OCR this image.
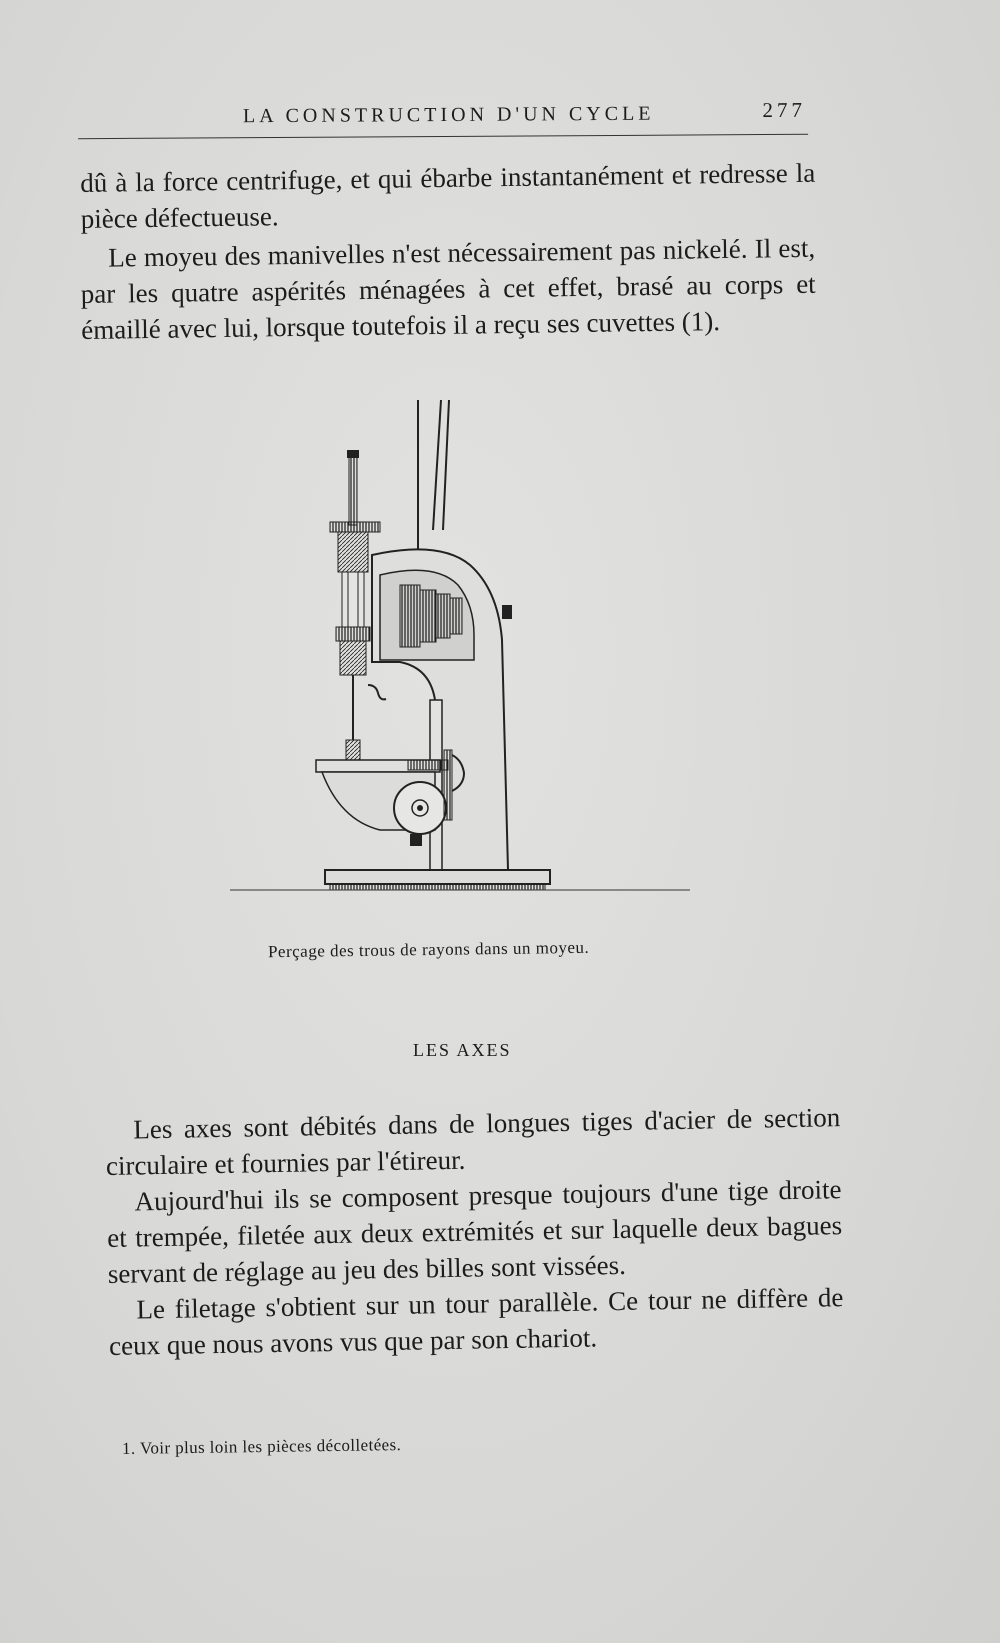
LA CONSTRUCTION D'UN CYCLE	277
dû à la force centrifuge, et qui ébarbe instantanément et redresse la pièce défectueuse.
Le moyeu des manivelles n'est nécessairement pas nickelé. Il est, par les quatre aspérités ménagées à cet effet, brasé au corps et émaillé avec lui, lorsque toutefois il a reçu ses cuvettes (1).
Perçage des trous de rayons dans un moyeu.
LES AXES
Les axes sont débités dans de longues tiges d'acier de section circulaire et fournies par l'étireur.
Aujourd'hui ils se composent presque toujours d'une tige droite et trempée, filetée aux deux extrémités et sur laquelle deux bagues servant de réglage au jeu des billes sont vissées.
Le filetage s'obtient sur un tour parallèle. Ce tour ne diffère de ceux que nous avons vus que par son chariot.
1. Voir plus loin les pièces décolletées.
